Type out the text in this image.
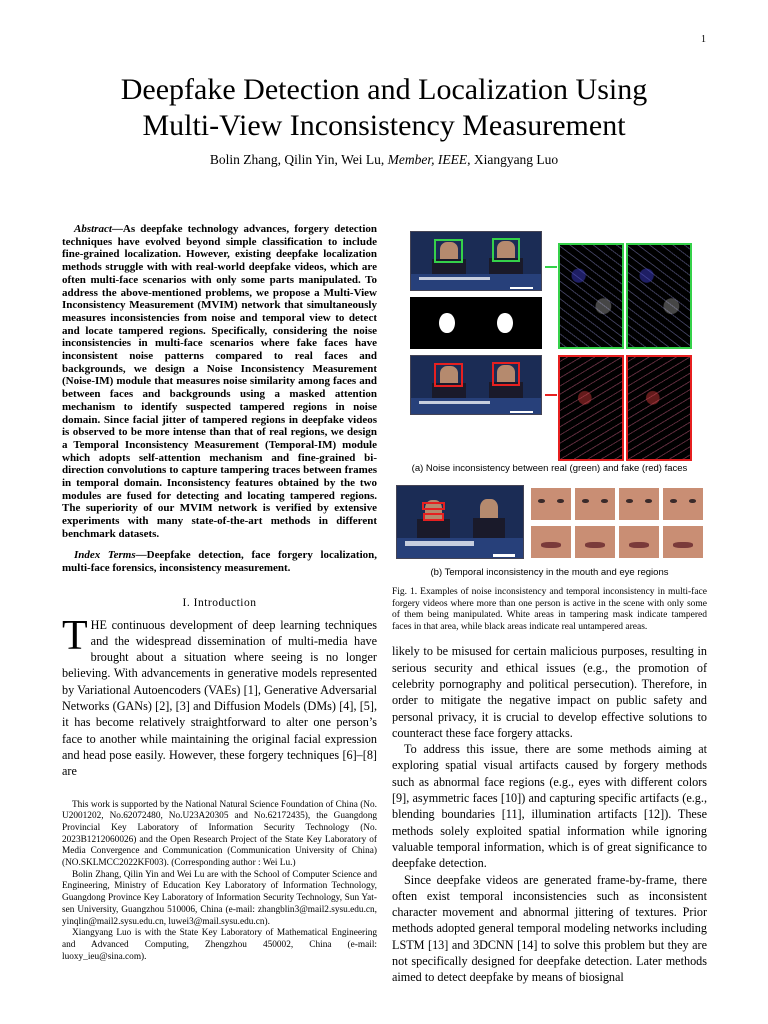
1
Deepfake Detection and Localization Using
Multi-View Inconsistency Measurement
Bolin Zhang, Qilin Yin, Wei Lu, Member, IEEE, Xiangyang Luo
Abstract—As deepfake technology advances, forgery detection techniques have evolved beyond simple classification to include fine-grained localization. However, existing deepfake localization methods struggle with with real-world deepfake videos, which are often multi-face scenarios with only some parts manipulated. To address the above-mentioned problems, we propose a Multi-View Inconsistency Measurement (MVIM) network that simultaneously measures inconsistencies from noise and temporal view to detect and locate tampered regions. Specifically, considering the noise inconsistencies in multi-face scenarios where fake faces have inconsistent noise patterns compared to real faces and backgrounds, we design a Noise Inconsistency Measurement (Noise-IM) module that measures noise similarity among faces and between faces and backgrounds using a masked attention mechanism to identify suspected tampered regions in noise domain. Since facial jitter of tampered regions in deepfake videos is observed to be more intense than that of real regions, we design a Temporal Inconsistency Measurement (Temporal-IM) module which adopts self-attention mechanism and fine-grained bi-direction convolutions to capture tampering traces between frames in temporal domain. Inconsistency features obtained by the two modules are fused for detecting and locating tampered regions. The superiority of our MVIM network is verified by extensive experiments with many state-of-the-art methods in different benchmark datasets.
Index Terms—Deepfake detection, face forgery localization, multi-face forensics, inconsistency measurement.
I. Introduction

THE continuous development of deep learning techniques and the widespread dissemination of multi-media have brought about a situation where seeing is no longer believing. With advancements in generative models represented by Variational Autoencoders (VAEs) [1], Generative Adversarial Networks (GANs) [2], [3] and Diffusion Models (DMs) [4], [5], it has become relatively straightforward to alter one person’s face to another while maintaining the original facial expression and head pose easily. However, these forgery techniques [6]–[8] are

This work is supported by the National Natural Science Foundation of China (No. U2001202, No.62072480, No.U23A20305 and No.62172435), the Guangdong Provincial Key Laboratory of Information Security Technology (No. 2023B1212060026) and the Open Research Project of the State Key Laboratory of Media Convergence and Communication (Communication University of China) (NO.SKLMCC2022KF003). (Corresponding author : Wei Lu.)

Bolin Zhang, Qilin Yin and Wei Lu are with the School of Computer Science and Engineering, Ministry of Education Key Laboratory of Information Technology, Guangdong Province Key Laboratory of Information Security Technology, Sun Yat-sen University, Guangzhou 510006, China (e-mail: zhangblin3@mail2.sysu.edu.cn, yinqlin@mail2.sysu.edu.cn, luwei3@mail.sysu.edu.cn).

Xiangyang Luo is with the State Key Laboratory of Mathematical Engineering and Advanced Computing, Zhengzhou 450002, China (e-mail: luoxy_ieu@sina.com).

(a) Noise inconsistency between real (green) and fake (red) faces
(b) Temporal inconsistency in the mouth and eye regions
Fig. 1. Examples of noise inconsistency and temporal inconsistency in multi-face forgery videos where more than one person is active in the scene with only some of them being manipulated. White areas in tampering mask indicate tampered faces in that area, while black areas indicate real untampered areas.

likely to be misused for certain malicious purposes, resulting in serious security and ethical issues (e.g., the promotion of celebrity pornography and political persecution). Therefore, in order to mitigate the negative impact on public safety and personal privacy, it is crucial to develop effective solutions to counteract these face forgery attacks.

To address this issue, there are some methods aiming at exploring spatial visual artifacts caused by forgery methods such as abnormal face regions (e.g., eyes with different colors [9], asymmetric faces [10]) and capturing specific artifacts (e.g., blending boundaries [11], illumination artifacts [12]). These methods solely exploited spatial information while ignoring valuable temporal information, which is of great significance to deepfake detection.

Since deepfake videos are generated frame-by-frame, there often exist temporal inconsistencies such as inconsistent character movement and abnormal jittering of textures. Prior methods adopted general temporal modeling networks including LSTM [13] and 3DCNN [14] to solve this problem but they are not specifically designed for deepfake detection. Later methods aimed to detect deepfake by means of biosignal
